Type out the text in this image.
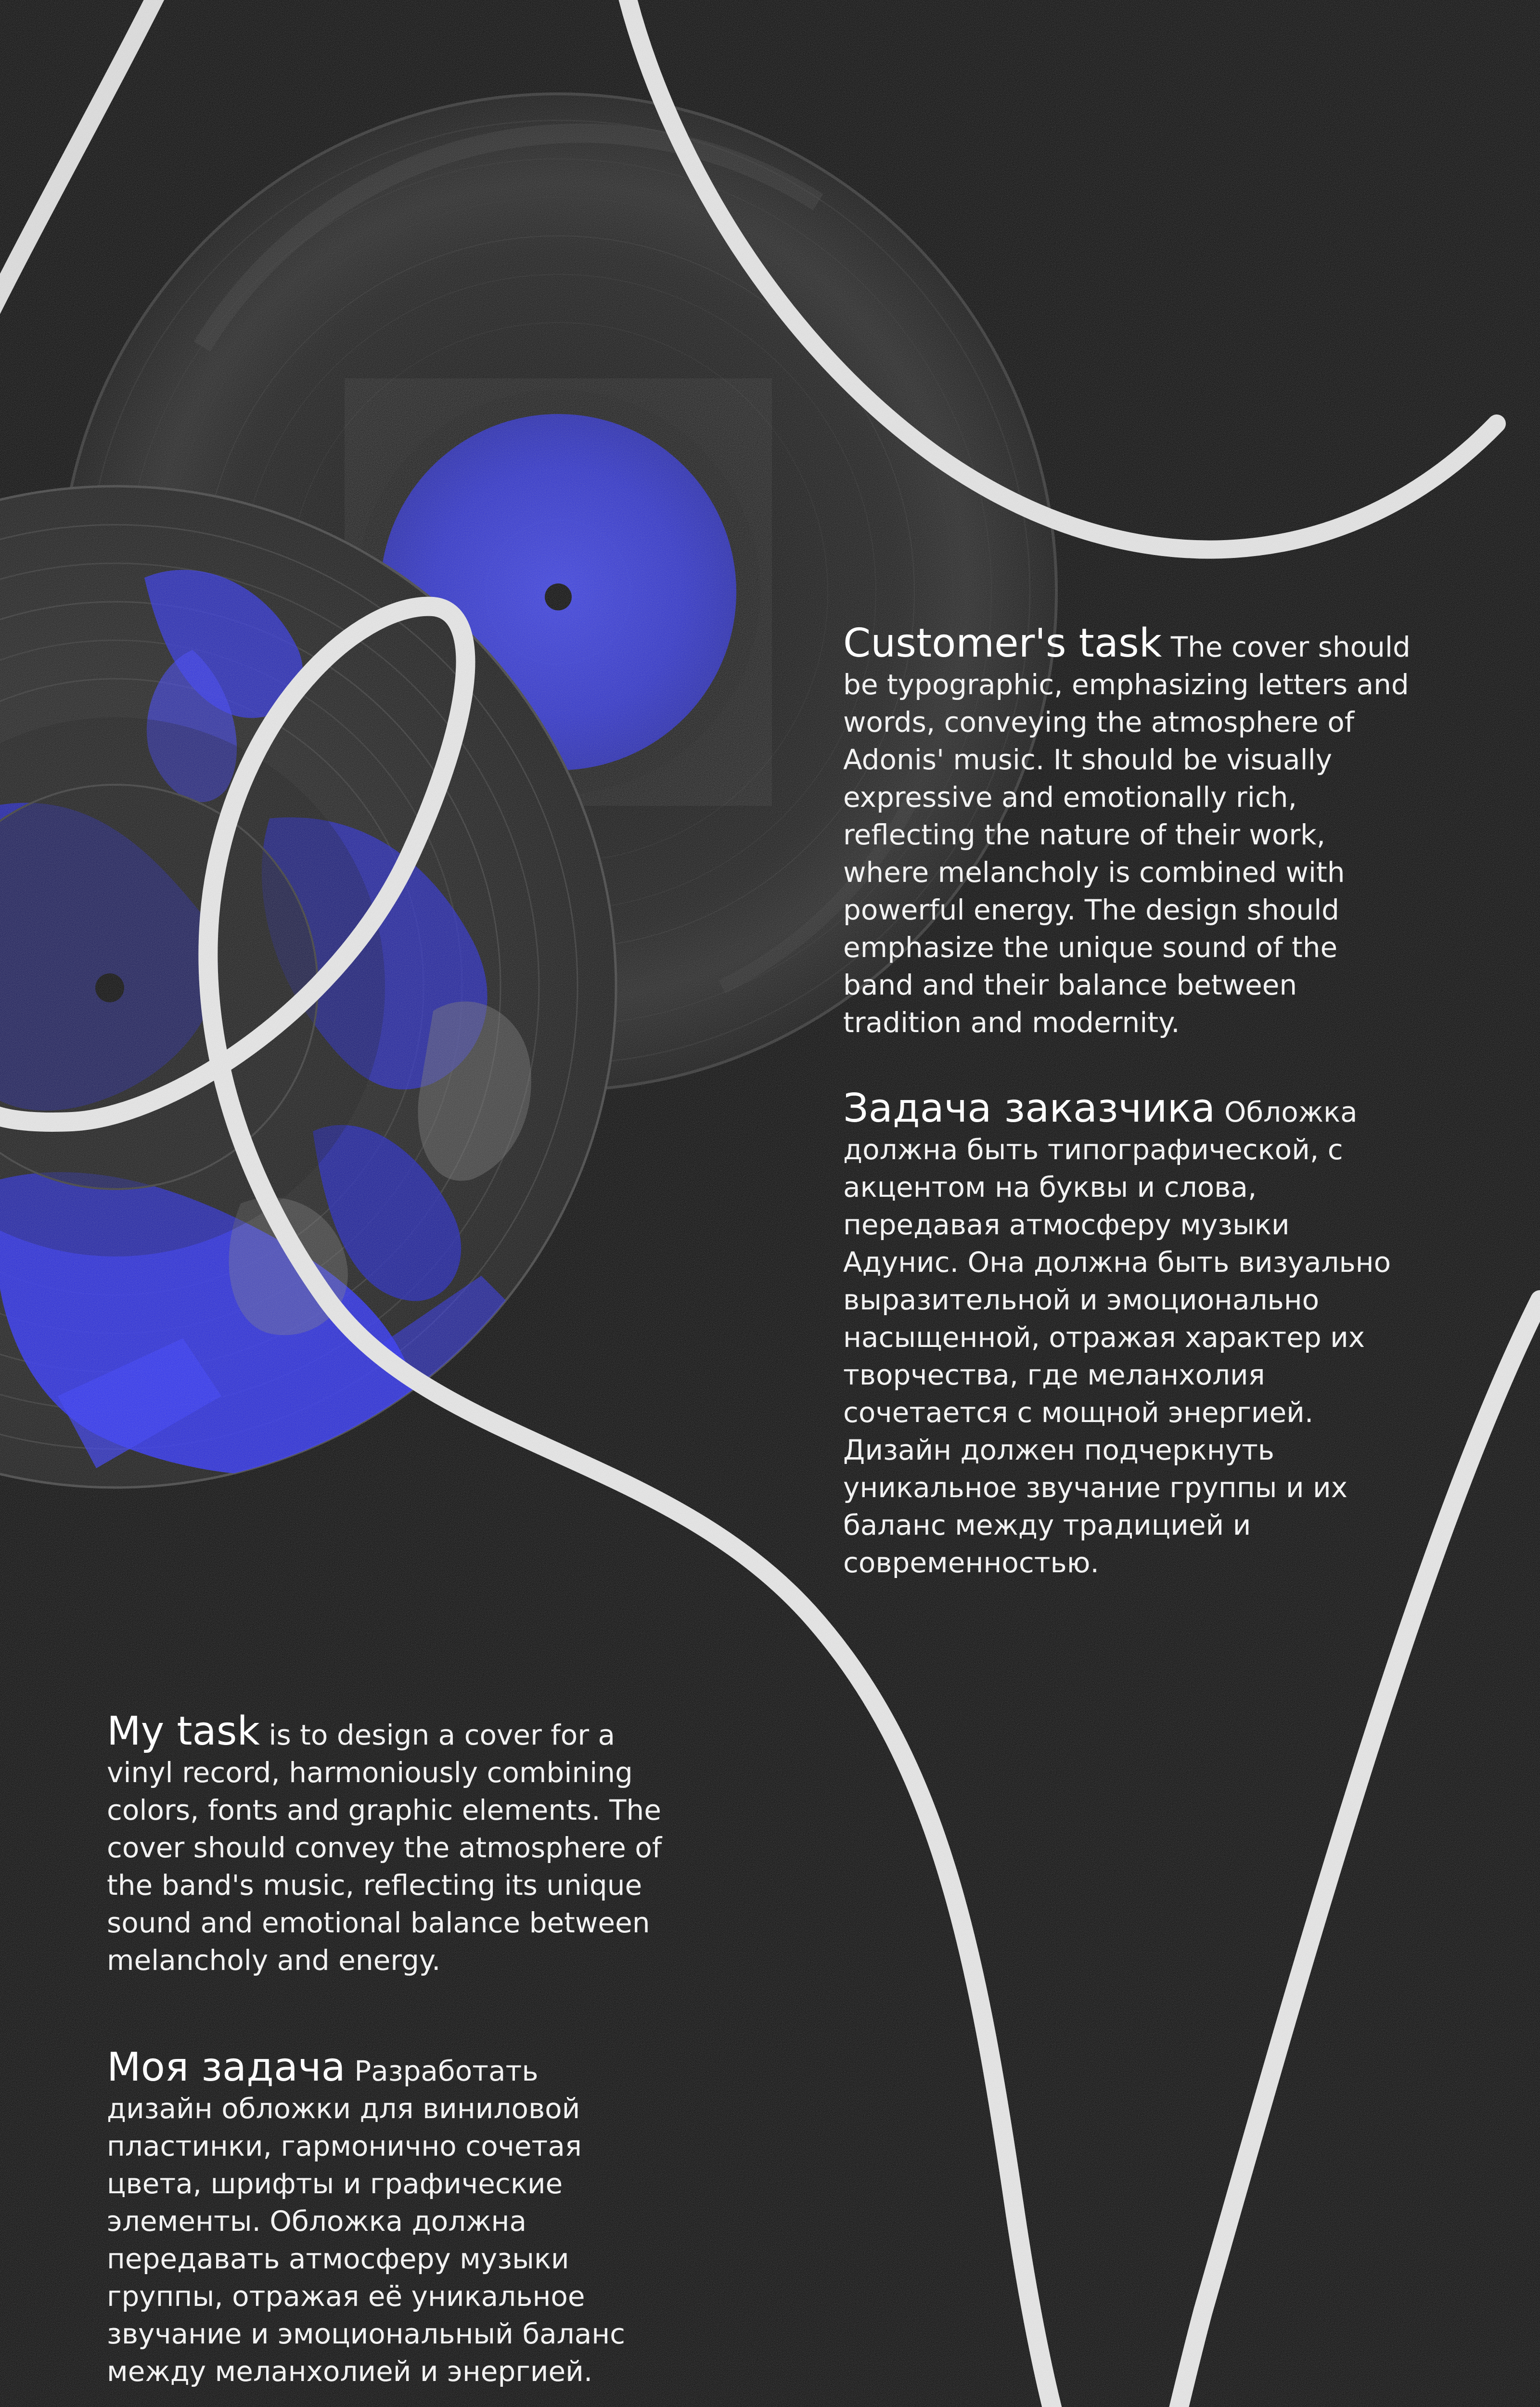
Customer's task The cover should be typographic, emphasizing letters and words, conveying the atmosphere of Adonis' music. It should be visually expressive and emotionally rich, reflecting the nature of their work, where melancholy is combined with powerful energy. The design should emphasize the unique sound of the band and their balance between tradition and modernity.
Задача заказчика Обложка должна быть типографической, с акцентом на буквы и слова, передавая атмосферу музыки Адунис. Она должна быть визуально выразительной и эмоционально насыщенной, отражая характер их творчества, где меланхолия сочетается с мощной энергией. Дизайн должен подчеркнуть уникальное звучание группы и их баланс между традицией и современностью.
My task is to design a cover for a vinyl record, harmoniously combining colors, fonts and graphic elements. The cover should convey the atmosphere of the band's music, reflecting its unique sound and emotional balance between melancholy and energy.
Моя задача Разработать дизайн обложки для виниловой пластинки, гармонично сочетая цвета, шрифты и графические элементы. Обложка должна передавать атмосферу музыки группы, отражая её уникальное звучание и эмоциональный баланс между меланхолией и энергией.
